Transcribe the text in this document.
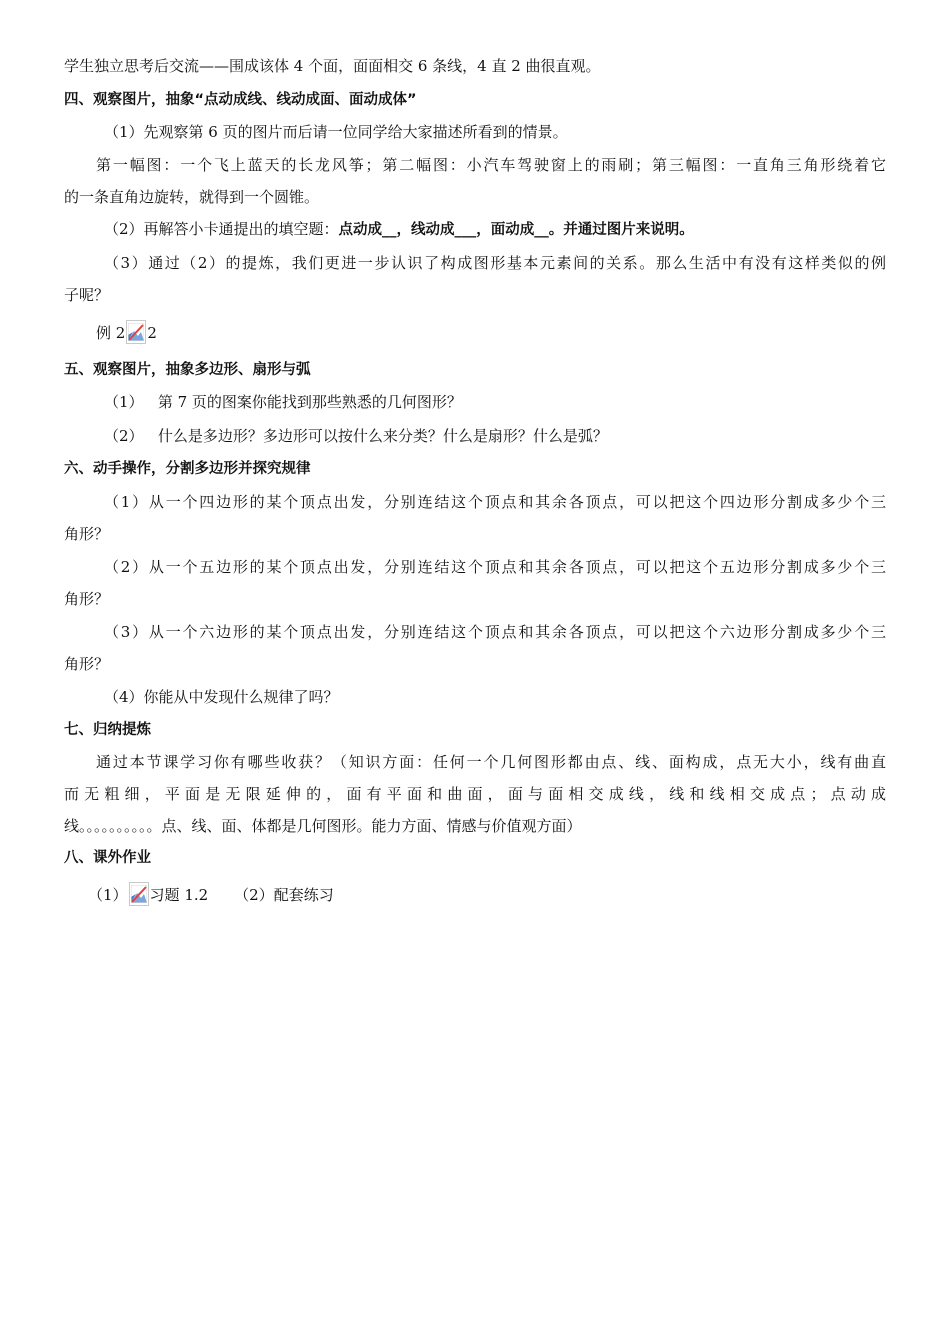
学生独立思考后交流——围成该体 4 个面，面面相交 6 条线，4 直 2 曲很直观。
四、观察图片，抽象“点动成线、线动成面、面动成体”
（1）先观察第 6 页的图片而后请一位同学给大家描述所看到的情景。
第一幅图：一个飞上蓝天的长龙风筝；第二幅图：小汽车驾驶窗上的雨刷；第三幅图：一直角三角形绕着它
的一条直角边旋转，就得到一个圆锥。
（2）再解答小卡通提出的填空题：点动成__，线动成___，面动成__。并通过图片来说明。
（3）通过（2）的提炼，我们更进一步认识了构成图形基本元素间的关系。那么生活中有没有这样类似的例
子呢？
例 2 2
五、观察图片，抽象多边形、扇形与弧
（1）   第 7 页的图案你能找到那些熟悉的几何图形？
（2）   什么是多边形？多边形可以按什么来分类？什么是扇形？什么是弧？
六、动手操作，分割多边形并探究规律
（1）从一个四边形的某个顶点出发，分别连结这个顶点和其余各顶点，可以把这个四边形分割成多少个三
角形？
（2）从一个五边形的某个顶点出发，分别连结这个顶点和其余各顶点，可以把这个五边形分割成多少个三
角形？
（3）从一个六边形的某个顶点出发，分别连结这个顶点和其余各顶点，可以把这个六边形分割成多少个三
角形？
（4）你能从中发现什么规律了吗？
七、归纳提炼
通过本节课学习你有哪些收获？（知识方面：任何一个几何图形都由点、线、面构成，点无大小，线有曲直
而无粗细，平面是无限延伸的，面有平面和曲面，面与面相交成线，线和线相交成点；点动成
线。。。。。。。。。。点、线、面、体都是几何图形。能力方面、情感与价值观方面）
八、课外作业
（1） 习题 1.2 （2）配套练习
